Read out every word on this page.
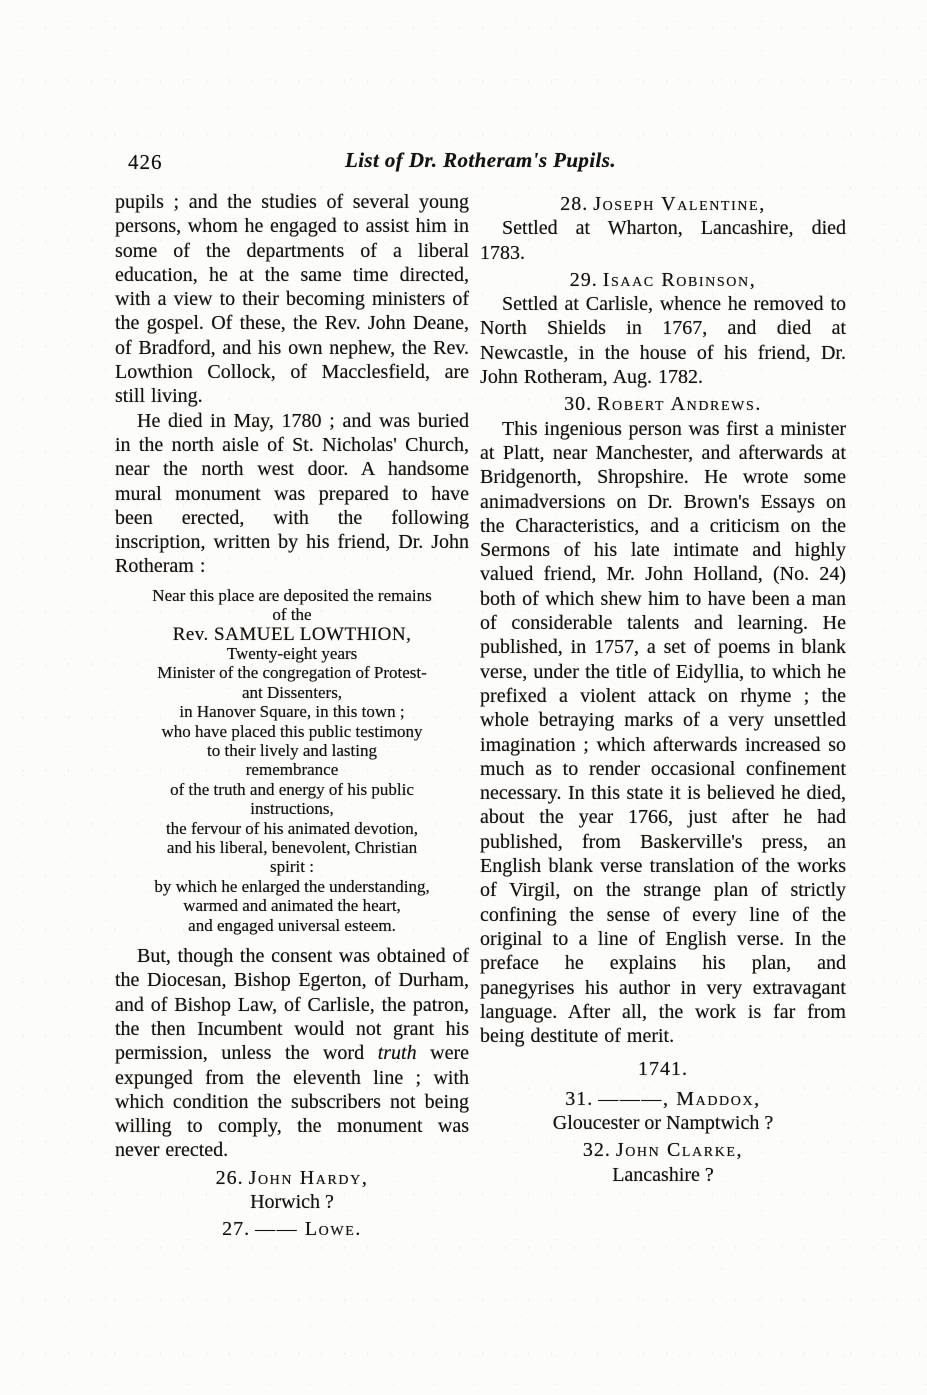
426	List of Dr. Rotheram's Pupils.

pupils ; and the studies of several young persons, whom he engaged to assist him in some of the departments of a liberal education, he at the same time directed, with a view to their becoming ministers of the gospel. Of these, the Rev. John Deane, of Bradford, and his own nephew, the Rev. Lowthion Collock, of Macclesfield, are still living.

He died in May, 1780 ; and was buried in the north aisle of St. Nicholas' Church, near the north west door. A handsome mural monument was prepared to have been erected, with the following inscription, written by his friend, Dr. John Rotheram :

Near this place are deposited the remains
of the
Rev. SAMUEL LOWTHION,
Twenty-eight years
Minister of the congregation of Protest-
ant Dissenters,
in Hanover Square, in this town ;
who have placed this public testimony
to their lively and lasting
remembrance
of the truth and energy of his public
instructions,
the fervour of his animated devotion,
and his liberal, benevolent, Christian
spirit :
by which he enlarged the understanding,
warmed and animated the heart,
and engaged universal esteem.

But, though the consent was obtained of the Diocesan, Bishop Egerton, of Durham, and of Bishop Law, of Carlisle, the patron, the then Incumbent would not grant his permission, unless the word truth were expunged from the eleventh line ; with which condition the subscribers not being willing to comply, the monument was never erected.

26. John Hardy,
Horwich ?
27. —— Lowe.
28. Joseph Valentine,

Settled at Wharton, Lancashire, died 1783.

29. Isaac Robinson,

Settled at Carlisle, whence he removed to North Shields in 1767, and died at Newcastle, in the house of his friend, Dr. John Rotheram, Aug. 1782.

30. Robert Andrews.

This ingenious person was first a minister at Platt, near Manchester, and afterwards at Bridgenorth, Shropshire. He wrote some animadversions on Dr. Brown's Essays on the Characteristics, and a criticism on the Sermons of his late intimate and highly valued friend, Mr. John Holland, (No. 24) both of which shew him to have been a man of considerable talents and learning. He published, in 1757, a set of poems in blank verse, under the title of Eidyllia, to which he prefixed a violent attack on rhyme ; the whole betraying marks of a very unsettled imagination ; which afterwards increased so much as to render occasional confinement necessary. In this state it is believed he died, about the year 1766, just after he had published, from Baskerville's press, an English blank verse translation of the works of Virgil, on the strange plan of strictly confining the sense of every line of the original to a line of English verse. In the preface he explains his plan, and panegyrises his author in very extravagant language. After all, the work is far from being destitute of merit.

1741.
31. ———, Maddox,
Gloucester or Namptwich ?
32. John Clarke,
Lancashire ?
